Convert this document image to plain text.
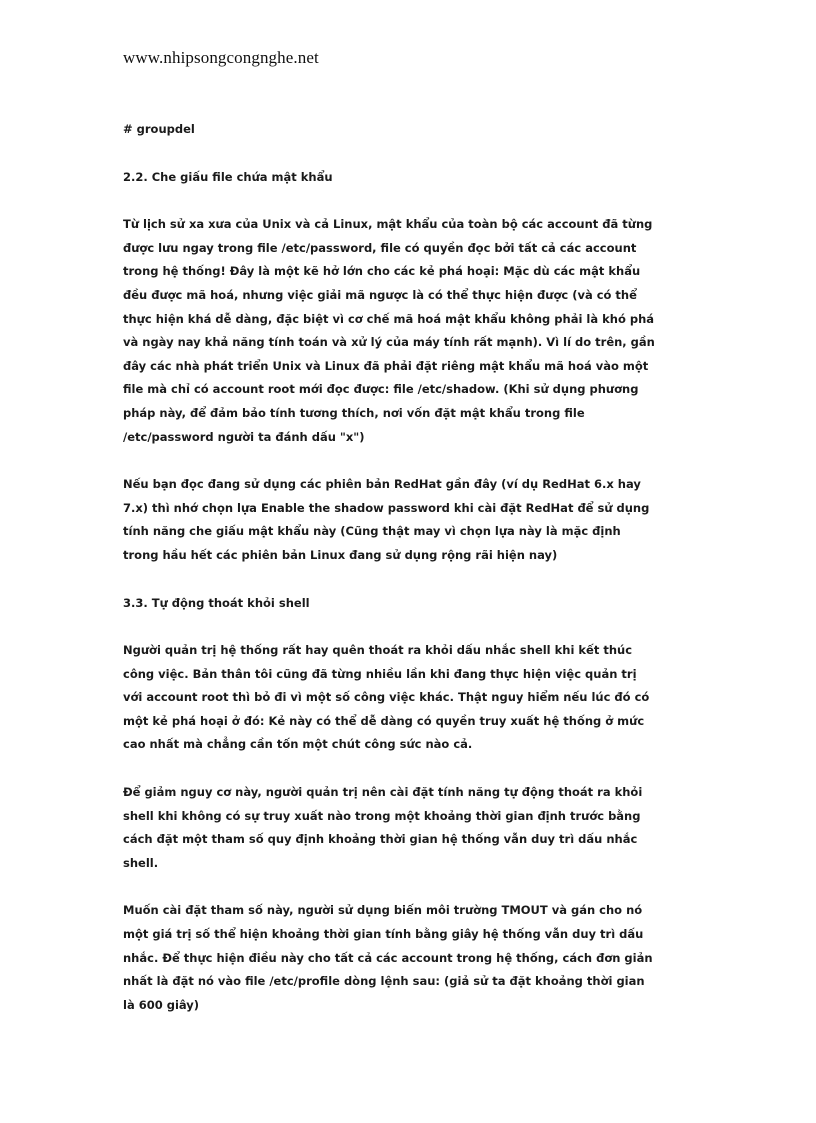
www.nhipsongcongnghe.net

# groupdel

2.2. Che giấu file chứa mật khẩu

Từ lịch sử xa xưa của Unix và cả Linux, mật khẩu của toàn bộ các account đã từng
được lưu ngay trong file /etc/password, file có quyền đọc bởi tất cả các account
trong hệ thống! Đây là một kẽ hở lớn cho các kẻ phá hoại: Mặc dù các mật khẩu
đều được mã hoá, nhưng việc giải mã ngược là có thể thực hiện được (và có thể
thực hiện khá dễ dàng, đặc biệt vì cơ chế mã hoá mật khẩu không phải là khó phá
và ngày nay khả năng tính toán và xử lý của máy tính rất mạnh). Vì lí do trên, gần
đây các nhà phát triển Unix và Linux đã phải đặt riêng mật khẩu mã hoá vào một
file mà chỉ có account root mới đọc được: file /etc/shadow. (Khi sử dụng phương
pháp này, để đảm bảo tính tương thích, nơi vốn đặt mật khẩu trong file
/etc/password người ta đánh dấu "x")

Nếu bạn đọc đang sử dụng các phiên bản RedHat gần đây (ví dụ RedHat 6.x hay
7.x) thì nhớ chọn lựa Enable the shadow password khi cài đặt RedHat để sử dụng
tính năng che giấu mật khẩu này (Cũng thật may vì chọn lựa này là mặc định
trong hầu hết các phiên bản Linux đang sử dụng rộng rãi hiện nay)

3.3. Tự động thoát khỏi shell

Người quản trị hệ thống rất hay quên thoát ra khỏi dấu nhắc shell khi kết thúc
công việc. Bản thân tôi cũng đã từng nhiều lần khi đang thực hiện việc quản trị
với account root thì bỏ đi vì một số công việc khác. Thật nguy hiểm nếu lúc đó có
một kẻ phá hoại ở đó: Kẻ này có thể dễ dàng có quyền truy xuất hệ thống ở mức
cao nhất mà chẳng cần tốn một chút công sức nào cả.

Để giảm nguy cơ này, người quản trị nên cài đặt tính năng tự động thoát ra khỏi
shell khi không có sự truy xuất nào trong một khoảng thời gian định trước bằng
cách đặt một tham số quy định khoảng thời gian hệ thống vẫn duy trì dấu nhắc
shell.

Muốn cài đặt tham số này, người sử dụng biến môi trường TMOUT và gán cho nó
một giá trị số thể hiện khoảng thời gian tính bằng giây hệ thống vẫn duy trì dấu
nhắc. Để thực hiện điều này cho tất cả các account trong hệ thống, cách đơn giản
nhất là đặt nó vào file /etc/profile dòng lệnh sau: (giả sử ta đặt khoảng thời gian
là 600 giây)
